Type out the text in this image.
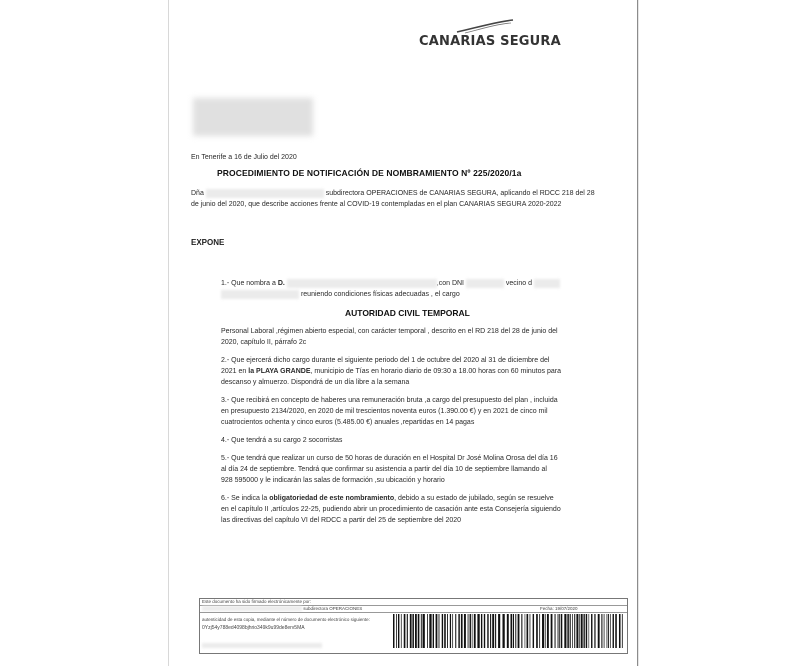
CANARIAS SEGURA
En Tenerife a 16 de Julio del 2020
PROCEDIMIENTO DE NOTIFICACIÓN DE NOMBRAMIENTO Nº 225/2020/1a
Dña	subdirectora OPERACIONES de CANARIAS SEGURA, aplicando el RDCC 218 del 28
de junio del 2020, que describe acciones frente al COVID-19 contempladas en el plan CANARIAS SEGURA 2020-2022
EXPONE
1.- Que nombra a D.	,con DNI	vecino d
reuniendo condiciones físicas adecuadas , el cargo
AUTORIDAD CIVIL TEMPORAL
Personal Laboral ,régimen abierto especial, con carácter temporal , descrito en el RD 218 del 28 de junio del
2020, capítulo II, párrafo 2c
2.- Que ejercerá dicho cargo durante el siguiente periodo del 1 de octubre del 2020 al 31 de diciembre del
2021 en la PLAYA GRANDE, municipio de Tías en horario diario de 09:30 a 18.00 horas con 60 minutos para
descanso y almuerzo. Dispondrá de un día libre a la semana
3.- Que recibirá en concepto de haberes una remuneración bruta ,a cargo del presupuesto del plan , incluida
en presupuesto 2134/2020, en 2020 de mil trescientos noventa euros (1.390.00 €) y en 2021 de cinco mil
cuatrocientos ochenta y cinco euros (5.485.00 €) anuales ,repartidas en 14 pagas
4.- Que tendrá a su cargo 2 socorristas
5.- Que tendrá que realizar un curso de 50 horas de duración en el Hospital Dr José Molina Orosa del día 16
al día 24 de septiembre. Tendrá que confirmar su asistencia a partir del día 10 de septiembre llamando al
928 595000 y le indicarán las salas de formación ,su ubicación y horario
6.- Se indica la obligatoriedad de este nombramiento, debido a su estado de jubilado, según se resuelve
en el capítulo II ,artículos 22-25, pudiendo abrir un procedimiento de casación ante esta Consejería siguiendo
las directivas del capítulo VI del RDCC a partir del 25 de septiembre del 2020
Este documento ha sido firmado electrónicamente por:
subdirectora OPERACIONES	Fecha: 19/07/2020
autenticidad de esta copia, mediante el número de documento electrónico siguiente:
0Yzj54y788ed4098bjhrio349k9u99de8erv5MA
